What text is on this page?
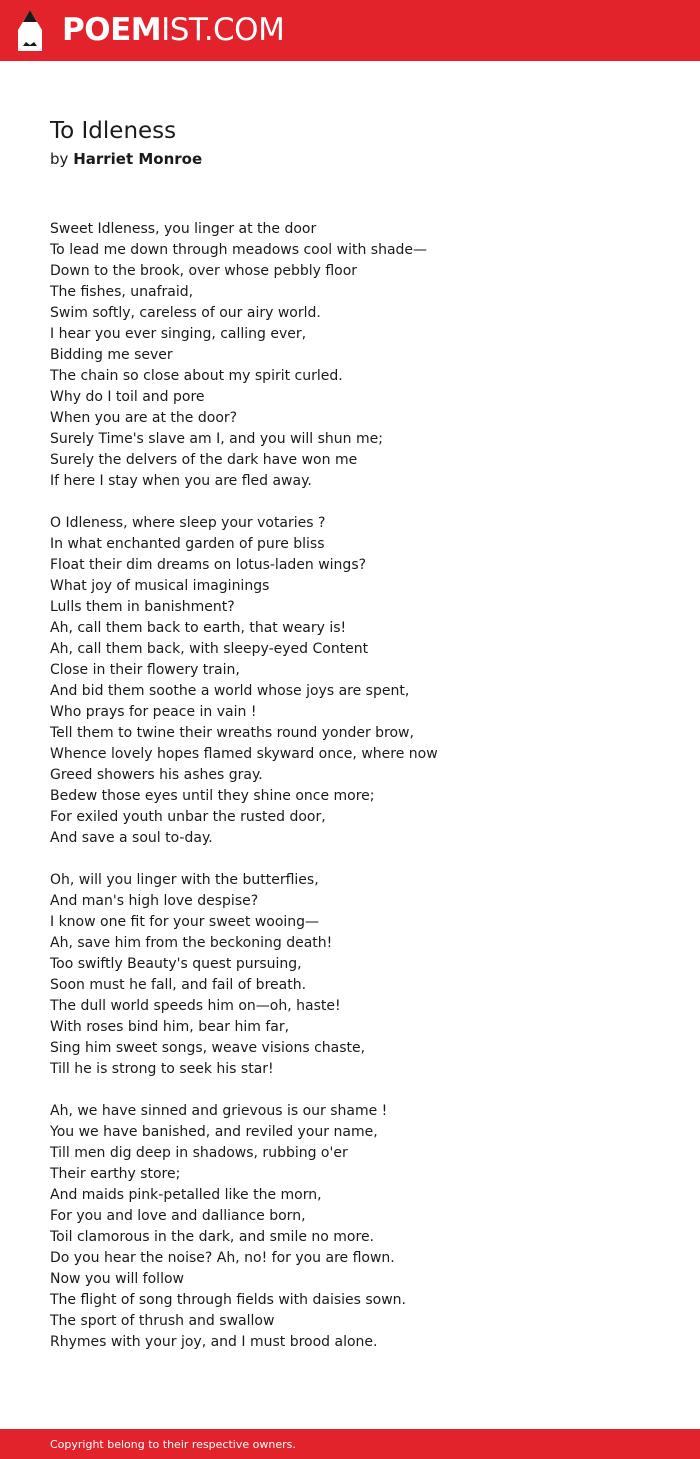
POEMIST.COM
To Idleness
by Harriet Monroe
Sweet Idleness, you linger at the door
To lead me down through meadows cool with shade—
Down to the brook, over whose pebbly floor
The fishes, unafraid,
Swim softly, careless of our airy world.
I hear you ever singing, calling ever,
Bidding me sever
The chain so close about my spirit curled.
Why do I toil and pore
When you are at the door?
Surely Time's slave am I, and you will shun me;
Surely the delvers of the dark have won me
If here I stay when you are fled away.
O Idleness, where sleep your votaries ?
In what enchanted garden of pure bliss
Float their dim dreams on lotus-laden wings?
What joy of musical imaginings
Lulls them in banishment?
Ah, call them back to earth, that weary is!
Ah, call them back, with sleepy-eyed Content
Close in their flowery train,
And bid them soothe a world whose joys are spent,
Who prays for peace in vain !
Tell them to twine their wreaths round yonder brow,
Whence lovely hopes flamed skyward once, where now
Greed showers his ashes gray.
Bedew those eyes until they shine once more;
For exiled youth unbar the rusted door,
And save a soul to-day.
Oh, will you linger with the butterflies,
And man's high love despise?
I know one fit for your sweet wooing—
Ah, save him from the beckoning death!
Too swiftly Beauty's quest pursuing,
Soon must he fall, and fail of breath.
The dull world speeds him on—oh, haste!
With roses bind him, bear him far,
Sing him sweet songs, weave visions chaste,
Till he is strong to seek his star!
Ah, we have sinned and grievous is our shame !
You we have banished, and reviled your name,
Till men dig deep in shadows, rubbing o'er
Their earthy store;
And maids pink-petalled like the morn,
For you and love and dalliance born,
Toil clamorous in the dark, and smile no more.
Do you hear the noise? Ah, no! for you are flown.
Now you will follow
The flight of song through fields with daisies sown.
The sport of thrush and swallow
Rhymes with your joy, and I must brood alone.
Copyright belong to their respective owners.
